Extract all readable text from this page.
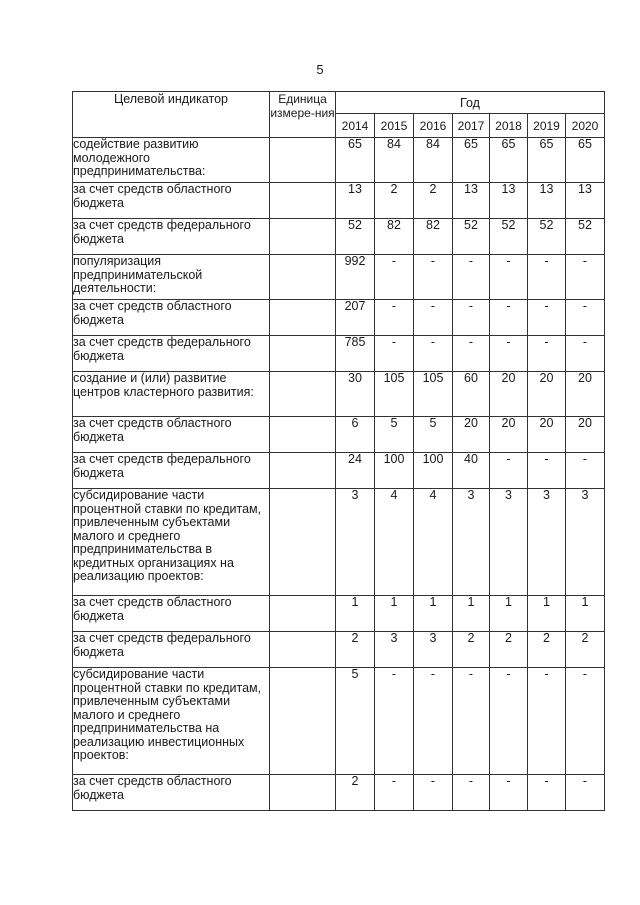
5
Целевой индикатор	Единица измере-ния	Год						
		2014	2015	2016	2017	2018	2019	2020
содействие развитию молодежного предпринимательства:		65	84	84	65	65	65	65
за счет средств областного бюджета		13	2	2	13	13	13	13
за счет средств федерального бюджета		52	82	82	52	52	52	52
популяризация предпринимательской деятельности:		992	-	-	-	-	-	-
за счет средств областного бюджета		207	-	-	-	-	-	-
за счет средств федерального бюджета		785	-	-	-	-	-	-
создание и (или) развитие центров кластерного развития:		30	105	105	60	20	20	20
за счет средств областного бюджета		6	5	5	20	20	20	20
за счет средств федерального бюджета		24	100	100	40	-	-	-
субсидирование части процентной ставки по кредитам, привлеченным субъектами малого и среднего предпринимательства в кредитных организациях на реализацию проектов:		3	4	4	3	3	3	3
за счет средств областного бюджета		1	1	1	1	1	1	1
за счет средств федерального бюджета		2	3	3	2	2	2	2
субсидирование части процентной ставки по кредитам, привлеченным субъектами малого и среднего предпринимательства на реализацию инвестиционных проектов:		5	-	-	-	-	-	-
за счет средств областного бюджета		2	-	-	-	-	-	-
